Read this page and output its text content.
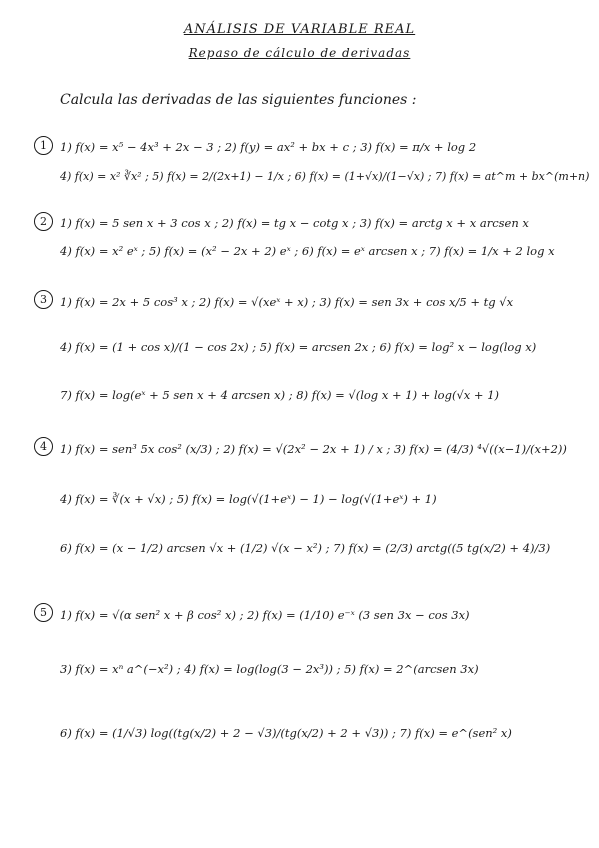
ANÁLISIS DE VARIABLE REAL
Repaso de cálculo de derivadas
Calcula las derivadas de las siguientes funciones :
1	1) f(x) = x⁵ − 4x³ + 2x − 3 ; 2) f(y) = ax² + bx + c ; 3) f(x) = π/x + log 2
4) f(x) = x² ∛x² ; 5) f(x) = 2/(2x+1) − 1/x ; 6) f(x) = (1+√x)/(1−√x) ; 7) f(x) = at^m + bx^(m+n)
2	1) f(x) = 5 sen x + 3 cos x ; 2) f(x) = tg x − cotg x ; 3) f(x) = arctg x + x arcsen x
4) f(x) = x² eˣ ; 5) f(x) = (x² − 2x + 2) eˣ ; 6) f(x) = eˣ arcsen x ; 7) f(x) = 1/x + 2 log x
3	1) f(x) = 2x + 5 cos³ x ; 2) f(x) = √(xeˣ + x) ; 3) f(x) = sen 3x + cos x/5 + tg √x
4) f(x) = (1 + cos x)/(1 − cos 2x) ; 5) f(x) = arcsen 2x ; 6) f(x) = log² x − log(log x)
7) f(x) = log(eˣ + 5 sen x + 4 arcsen x) ; 8) f(x) = √(log x + 1) + log(√x + 1)
4	1) f(x) = sen³ 5x cos² (x/3) ; 2) f(x) = √(2x² − 2x + 1) / x ; 3) f(x) = (4/3) ⁴√((x−1)/(x+2))
4) f(x) = ∛(x + √x) ; 5) f(x) = log(√(1+eˣ) − 1) − log(√(1+eˣ) + 1)
6) f(x) = (x − 1/2) arcsen √x + (1/2) √(x − x²) ; 7) f(x) = (2/3) arctg((5 tg(x/2) + 4)/3)
5	1) f(x) = √(α sen² x + β cos² x) ; 2) f(x) = (1/10) e⁻ˣ (3 sen 3x − cos 3x)
3) f(x) = xⁿ a^(−x²) ; 4) f(x) = log(log(3 − 2x³)) ; 5) f(x) = 2^(arcsen 3x)
6) f(x) = (1/√3) log((tg(x/2) + 2 − √3)/(tg(x/2) + 2 + √3)) ; 7) f(x) = e^(sen² x)
